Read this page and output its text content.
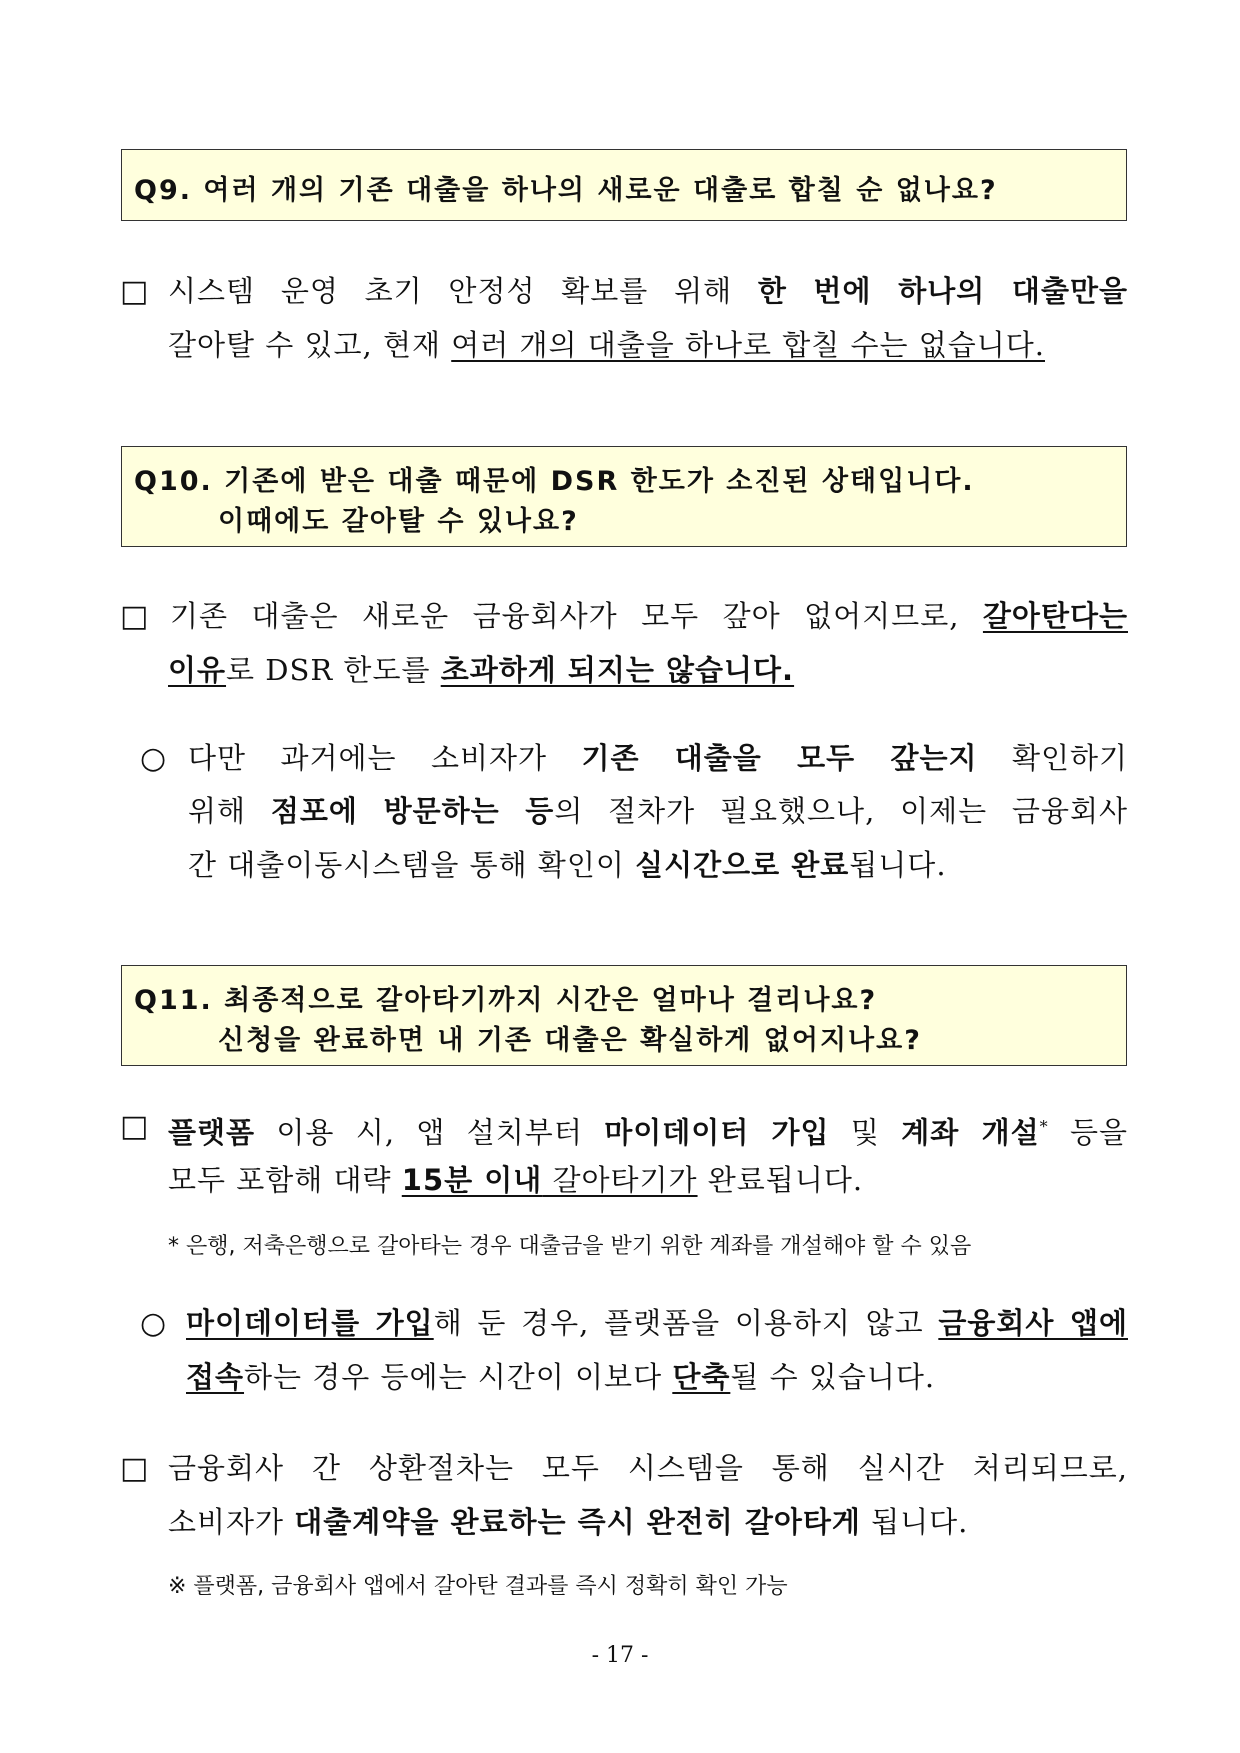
Q9. 여러 개의 기존 대출을 하나의 새로운 대출로 합칠 순 없나요?
□ 시스템 운영 초기 안정성 확보를 위해 한 번에 하나의 대출만을
갈아탈 수 있고, 현재 여러 개의 대출을 하나로 합칠 수는 없습니다.
Q10. 기존에 받은 대출 때문에 DSR 한도가 소진된 상태입니다.
이때에도 갈아탈 수 있나요?
□ 기존 대출은 새로운 금융회사가 모두 갚아 없어지므로, 갈아탄다는
이유로 DSR 한도를 초과하게 되지는 않습니다.
○ 다만 과거에는 소비자가 기존 대출을 모두 갚는지 확인하기
위해 점포에 방문하는 등의 절차가 필요했으나, 이제는 금융회사
간 대출이동시스템을 통해 확인이 실시간으로 완료됩니다.
Q11. 최종적으로 갈아타기까지 시간은 얼마나 걸리나요?
신청을 완료하면 내 기존 대출은 확실하게 없어지나요?
□ 플랫폼 이용 시, 앱 설치부터 마이데이터 가입 및 계좌 개설* 등을
모두 포함해 대략 15분 이내 갈아타기가 완료됩니다.
* 은행, 저축은행으로 갈아타는 경우 대출금을 받기 위한 계좌를 개설해야 할 수 있음
○ 마이데이터를 가입해 둔 경우, 플랫폼을 이용하지 않고 금융회사 앱에
접속하는 경우 등에는 시간이 이보다 단축될 수 있습니다.
□ 금융회사 간 상환절차는 모두 시스템을 통해 실시간 처리되므로,
소비자가 대출계약을 완료하는 즉시 완전히 갈아타게 됩니다.
※ 플랫폼, 금융회사 앱에서 갈아탄 결과를 즉시 정확히 확인 가능
- 17 -
